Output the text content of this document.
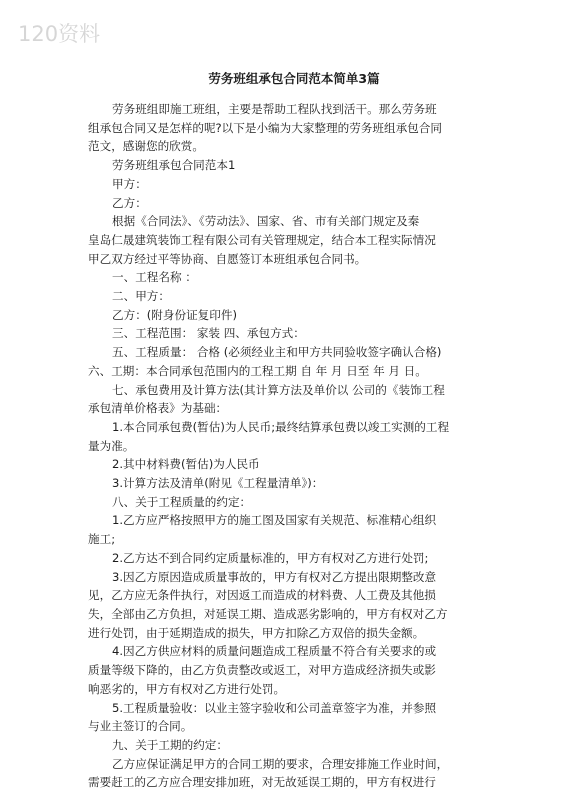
120资料
劳务班组承包合同范本简单3篇
劳务班组即施工班组，主要是帮助工程队找到活干。那么劳务班
组承包合同又是怎样的呢?以下是小编为大家整理的劳务班组承包合同
范文，感谢您的欣赏。
劳务班组承包合同范本1
甲方：
乙方：
根据《合同法》、《劳动法》、国家、省、市有关部门规定及秦
皇岛仁晟建筑装饰工程有限公司有关管理规定，结合本工程实际情况
甲乙双方经过平等协商、自愿签订本班组承包合同书。
一、工程名称 ：
二、甲方：
乙方：(附身份证复印件)
三、工程范围： 家装 四、承包方式：
五、工程质量： 合格 (必须经业主和甲方共同验收签字确认合格)
六、工期：本合同承包范围内的工程工期 自 年 月 日至 年 月 日。
七、承包费用及计算方法(其计算方法及单价以 公司的《装饰工程
承包清单价格表》为基础：
1.本合同承包费(暂估)为人民币;最终结算承包费以竣工实测的工程
量为准。
2.其中材料费(暂估)为人民币
3.计算方法及清单(附见《工程量清单》)：
八、关于工程质量的约定：
1.乙方应严格按照甲方的施工图及国家有关规范、标准精心组织
施工;
2.乙方达不到合同约定质量标准的，甲方有权对乙方进行处罚;
3.因乙方原因造成质量事故的，甲方有权对乙方提出限期整改意
见，乙方应无条件执行，对因返工而造成的材料费、人工费及其他损
失，全部由乙方负担，对延误工期、造成恶劣影响的，甲方有权对乙方
进行处罚，由于延期造成的损失，甲方扣除乙方双倍的损失金额。
4.因乙方供应材料的质量问题造成工程质量不符合有关要求的或
质量等级下降的，由乙方负责整改或返工，对甲方造成经济损失或影
响恶劣的，甲方有权对乙方进行处罚。
5.工程质量验收：以业主签字验收和公司盖章签字为准，并参照
与业主签订的合同。
九、关于工期的约定：
乙方应保证满足甲方的合同工期的要求，合理安排施工作业时间，
需要赶工的乙方应合理安排加班，对无故延误工期的，甲方有权进行
